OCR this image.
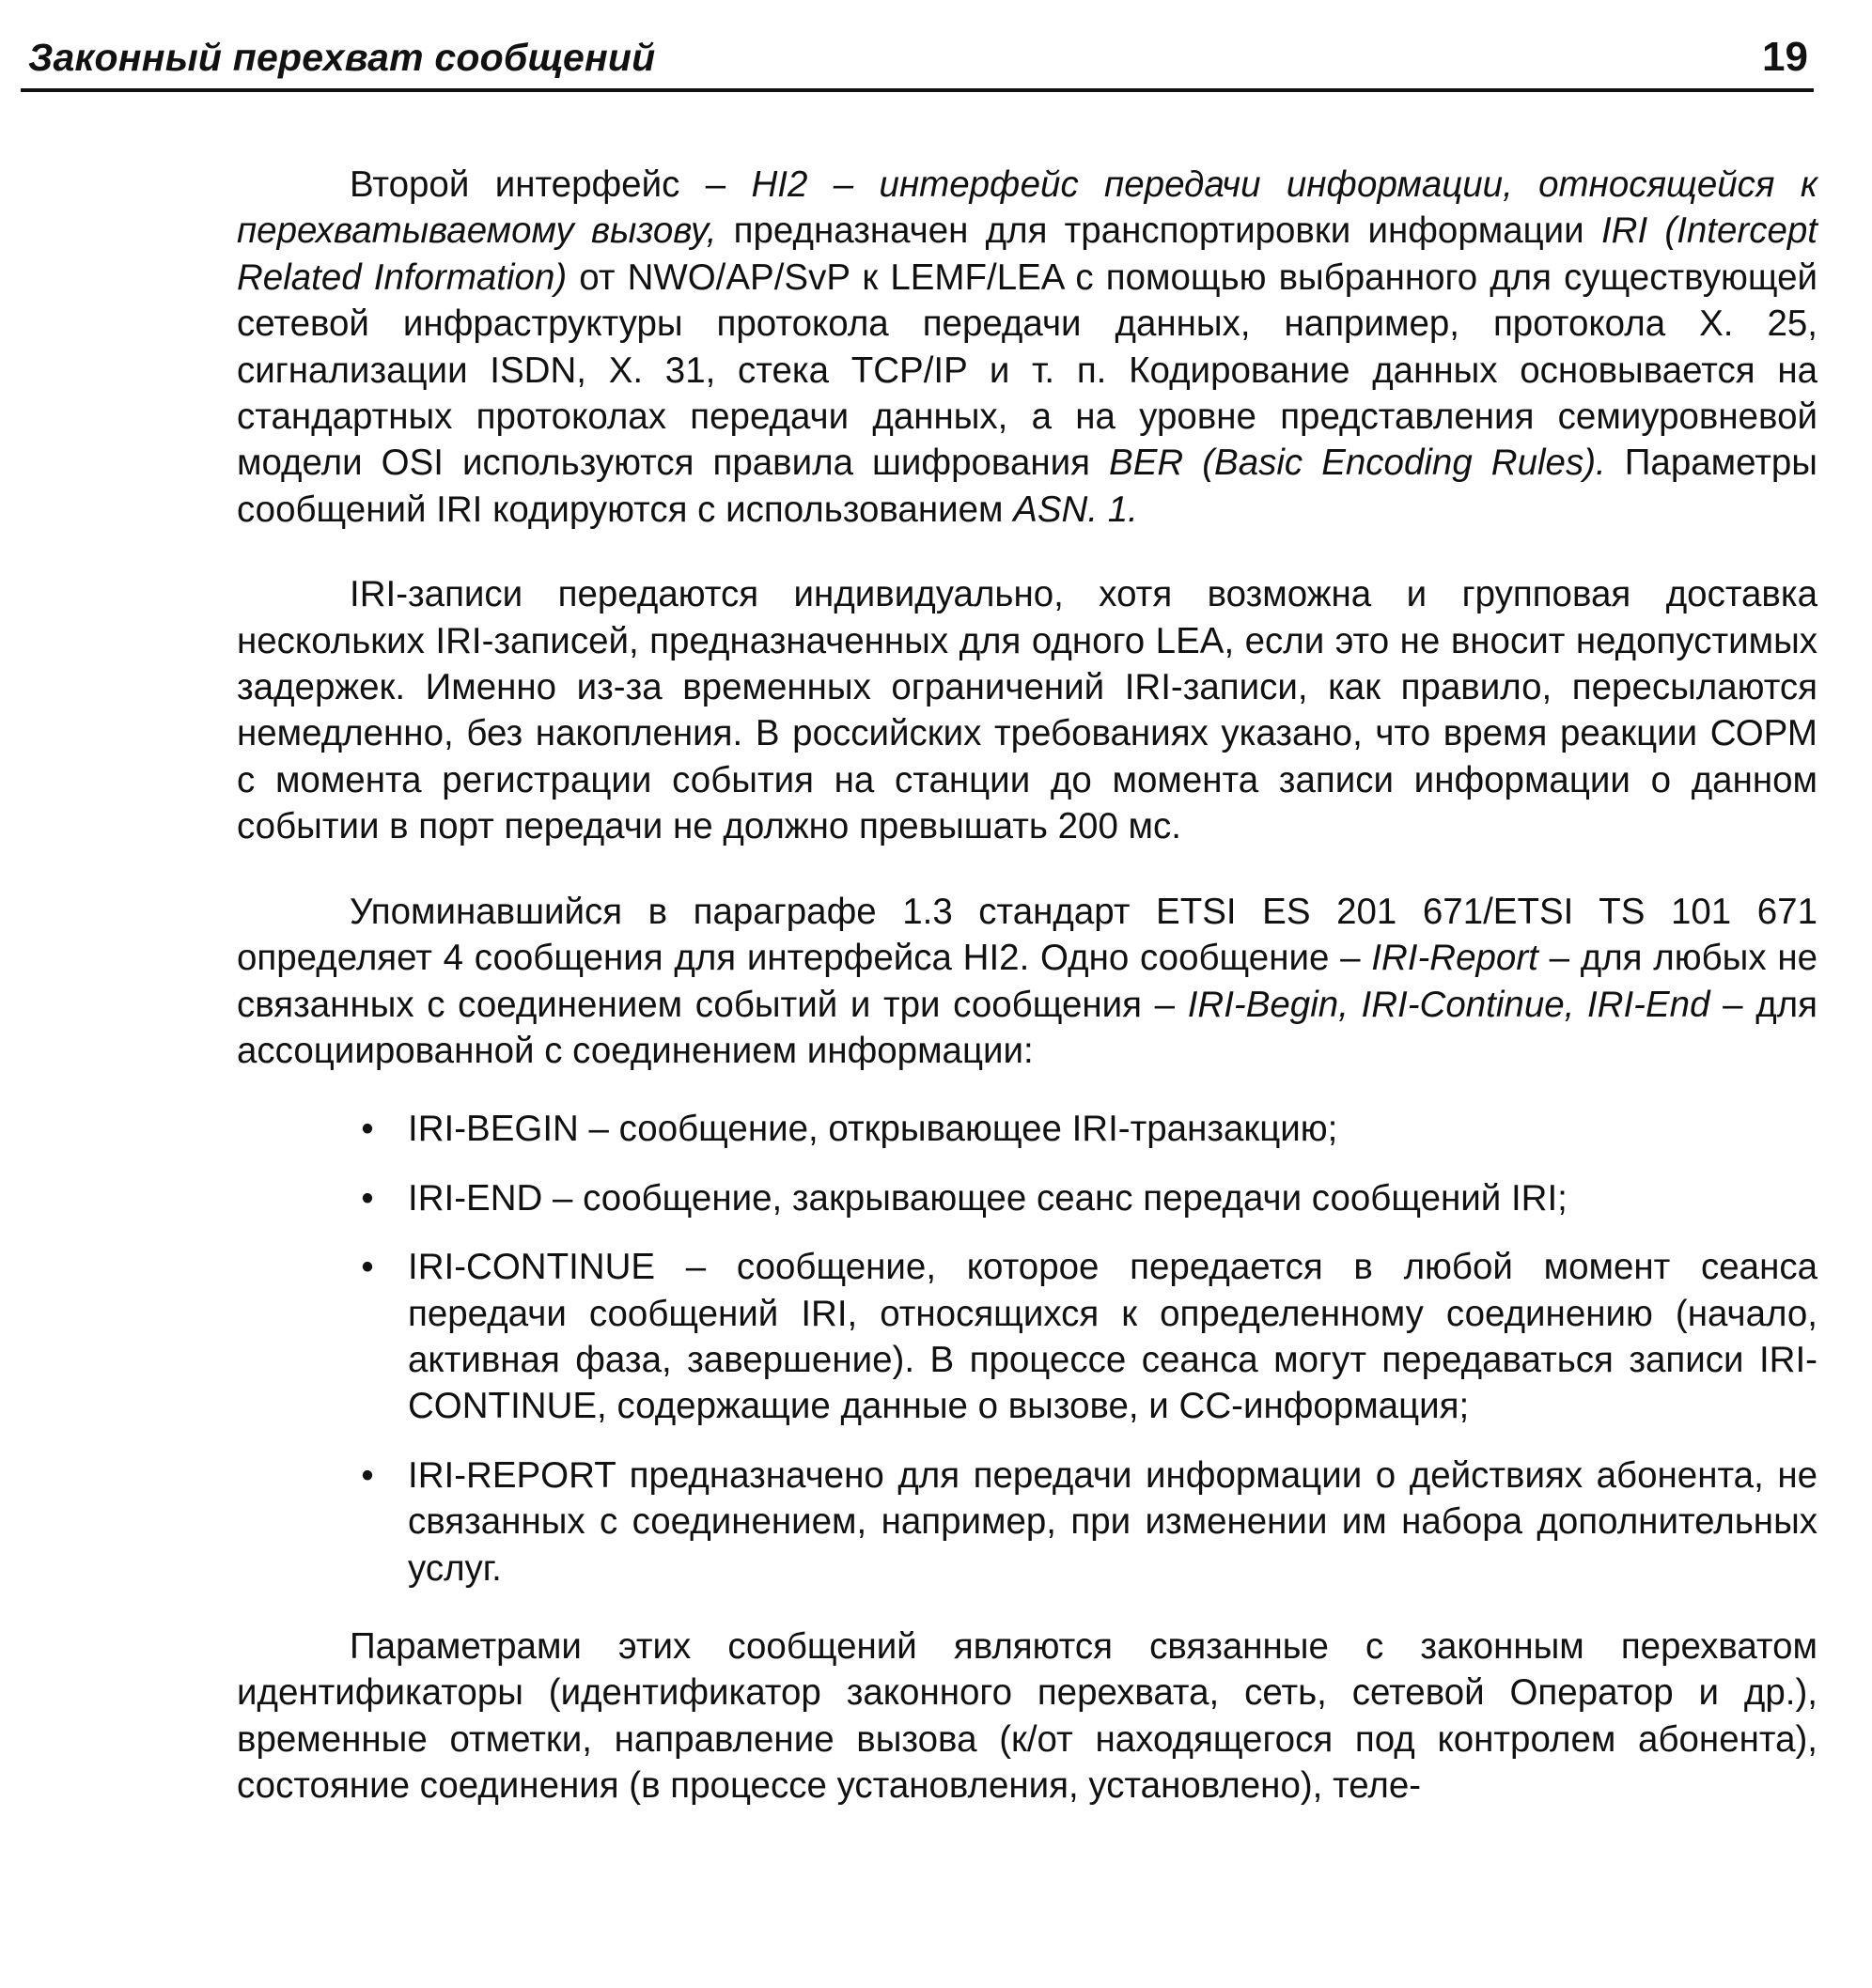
Законный перехват сообщений	19

Второй интерфейс – HI2 – интерфейс передачи информации, относящейся к перехватываемому вызову, предназначен для транспортировки информации IRI (Intercept Related Information) от NWO/AP/SvP к LEMF/LEA с помощью выбранного для существующей сетевой инфраструктуры протокола передачи данных, например, протокола X. 25, сигнализации ISDN, X. 31, стека TCP/IP и т. п. Кодирование данных основывается на стандартных протоколах передачи данных, а на уровне представления семиуровневой модели OSI используются правила шифрования BER (Basic Encoding Rules). Параметры сообщений IRI кодируются с использованием ASN. 1.

IRI-записи передаются индивидуально, хотя возможна и групповая доставка нескольких IRI-записей, предназначенных для одного LEA, если это не вносит недопустимых задержек. Именно из-за временных ограничений IRI-записи, как правило, пересылаются немедленно, без накопления. В российских требованиях указано, что время реакции СОРМ с момента регистрации события на станции до момента записи информации о данном событии в порт передачи не должно превышать 200 мс.

Упоминавшийся в параграфе 1.3 стандарт ETSI ES 201 671/ETSI TS 101 671 определяет 4 сообщения для интерфейса HI2. Одно сообщение – IRI-Report – для любых не связанных с соединением событий и три сообщения – IRI-Begin, IRI-Continue, IRI-End – для ассоциированной с соединением информации:

• IRI-BEGIN – сообщение, открывающее IRI-транзакцию;
• IRI-END – сообщение, закрывающее сеанс передачи сообщений IRI;
• IRI-CONTINUE – сообщение, которое передается в любой момент сеанса передачи сообщений IRI, относящихся к определенному соединению (начало, активная фаза, завершение). В процессе сеанса могут передаваться записи IRI-CONTINUE, содержащие данные о вызове, и СС-информация;
• IRI-REPORT предназначено для передачи информации о действиях абонента, не связанных с соединением, например, при изменении им набора дополнительных услуг.

Параметрами этих сообщений являются связанные с законным перехватом идентификаторы (идентификатор законного перехвата, сеть, сетевой Оператор и др.), временные отметки, направление вызова (к/от находящегося под контролем абонента), состояние соединения (в процессе установления, установлено), теле-
